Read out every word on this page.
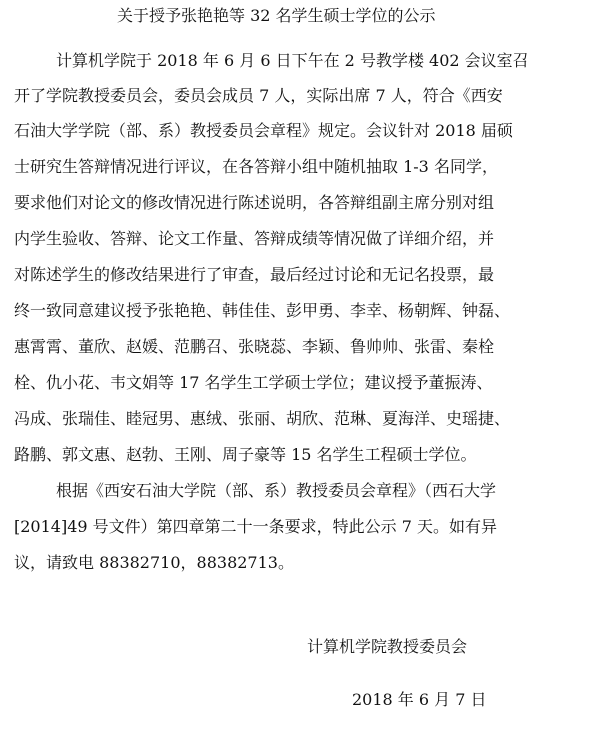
关于授予张艳艳等 32 名学生硕士学位的公示
计算机学院于 2018 年 6 月 6 日下午在 2 号教学楼 402 会议室召
开了学院教授委员会，委员会成员 7 人，实际出席 7 人，符合《西安
石油大学学院（部、系）教授委员会章程》规定。会议针对 2018 届硕
士研究生答辩情况进行评议，在各答辩小组中随机抽取 1-3 名同学，
要求他们对论文的修改情况进行陈述说明，各答辩组副主席分别对组
内学生验收、答辩、论文工作量、答辩成绩等情况做了详细介绍，并
对陈述学生的修改结果进行了审查，最后经过讨论和无记名投票，最
终一致同意建议授予张艳艳、韩佳佳、彭甲勇、李幸、杨朝辉、钟磊、
惠霄霄、董欣、赵媛、范鹏召、张晓蕊、李颖、鲁帅帅、张雷、秦栓
栓、仇小花、韦文娟等 17 名学生工学硕士学位；建议授予董振涛、
冯成、张瑞佳、睦冠男、惠绒、张丽、胡欣、范琳、夏海洋、史瑶捷、
路鹏、郭文惠、赵勃、王刚、周子豪等 15 名学生工程硕士学位。
根据《西安石油大学院（部、系）教授委员会章程》（西石大学
[2014]49 号文件）第四章第二十一条要求，特此公示 7 天。如有异
议，请致电 88382710，88382713。
计算机学院教授委员会
2018 年 6 月 7 日
